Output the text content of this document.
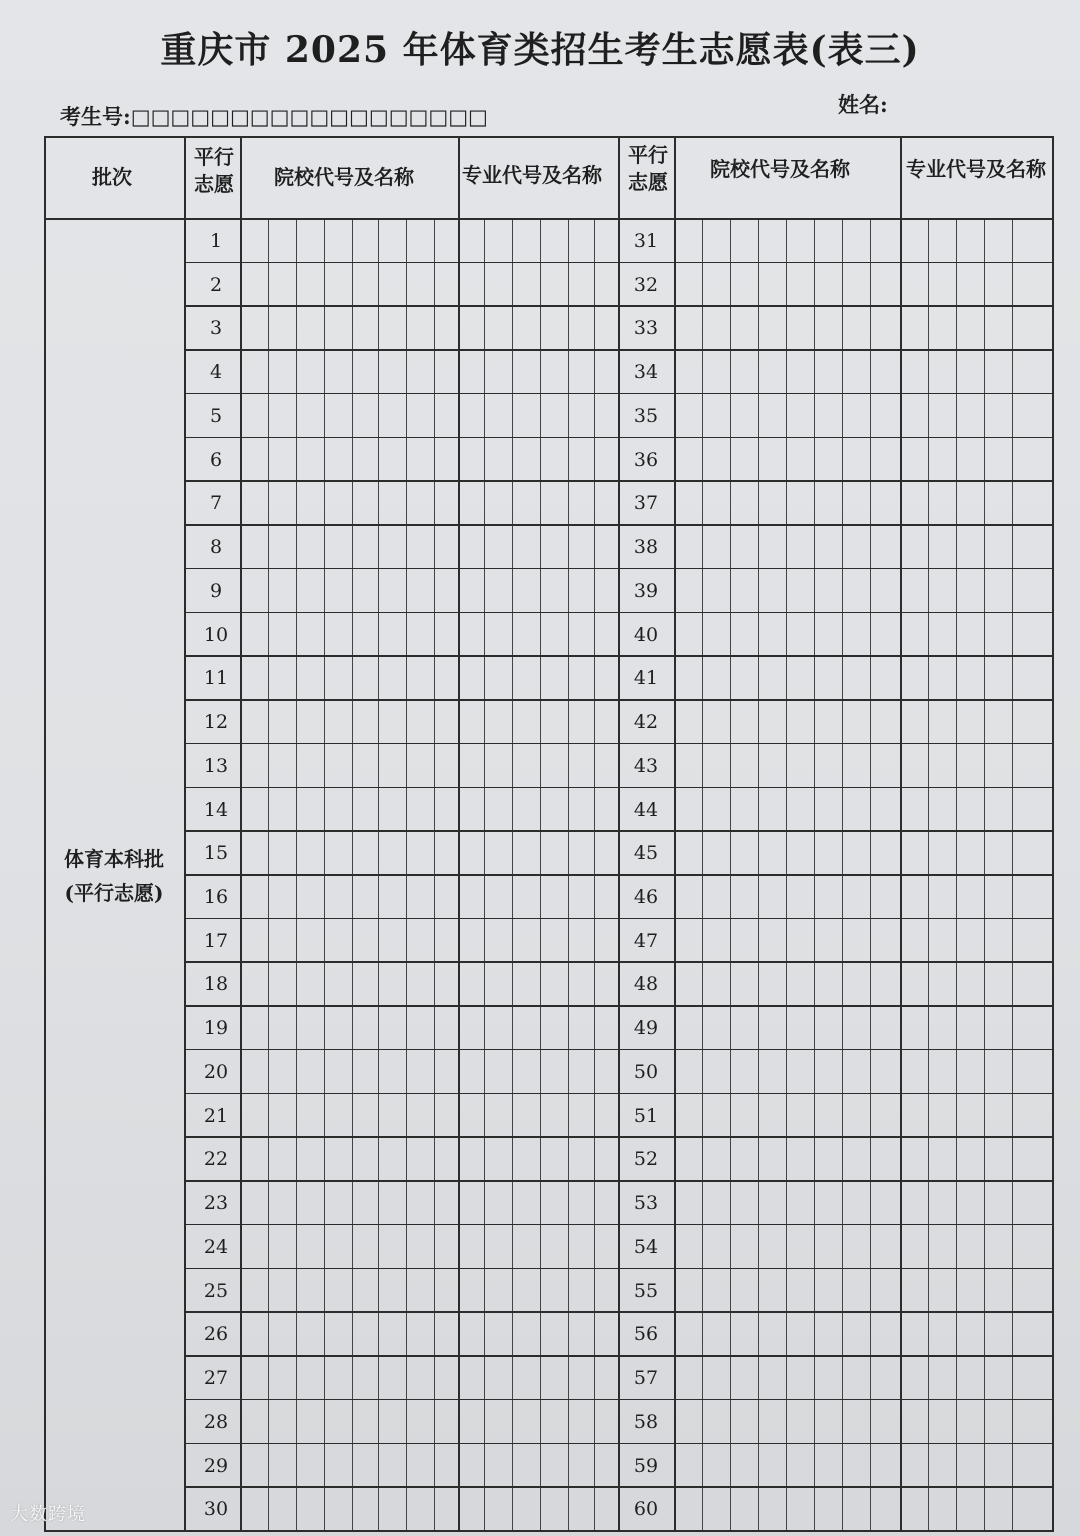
重庆市 2025 年体育类招生考生志愿表(表三)
考生号:□□□□□□□□□□□□□□□□□□	姓名:
批次
平行
志愿 院校代号及名称 专业代号及名称
平行
志愿
院校代号及名称	专业代号及名称
体育本科批
(平行志愿)
1
2
3
4
5
6
7
8
9
10
11
12
13
14
15
16
17
18
19
20
21
22
23
24
25
26
27
28
29
30
31
32
33
34
35
36
37
38
39
40
41
42
43
44
45
46
47
48
49
50
51
52
53
54
55
56
57
58
59
60
大数跨境
